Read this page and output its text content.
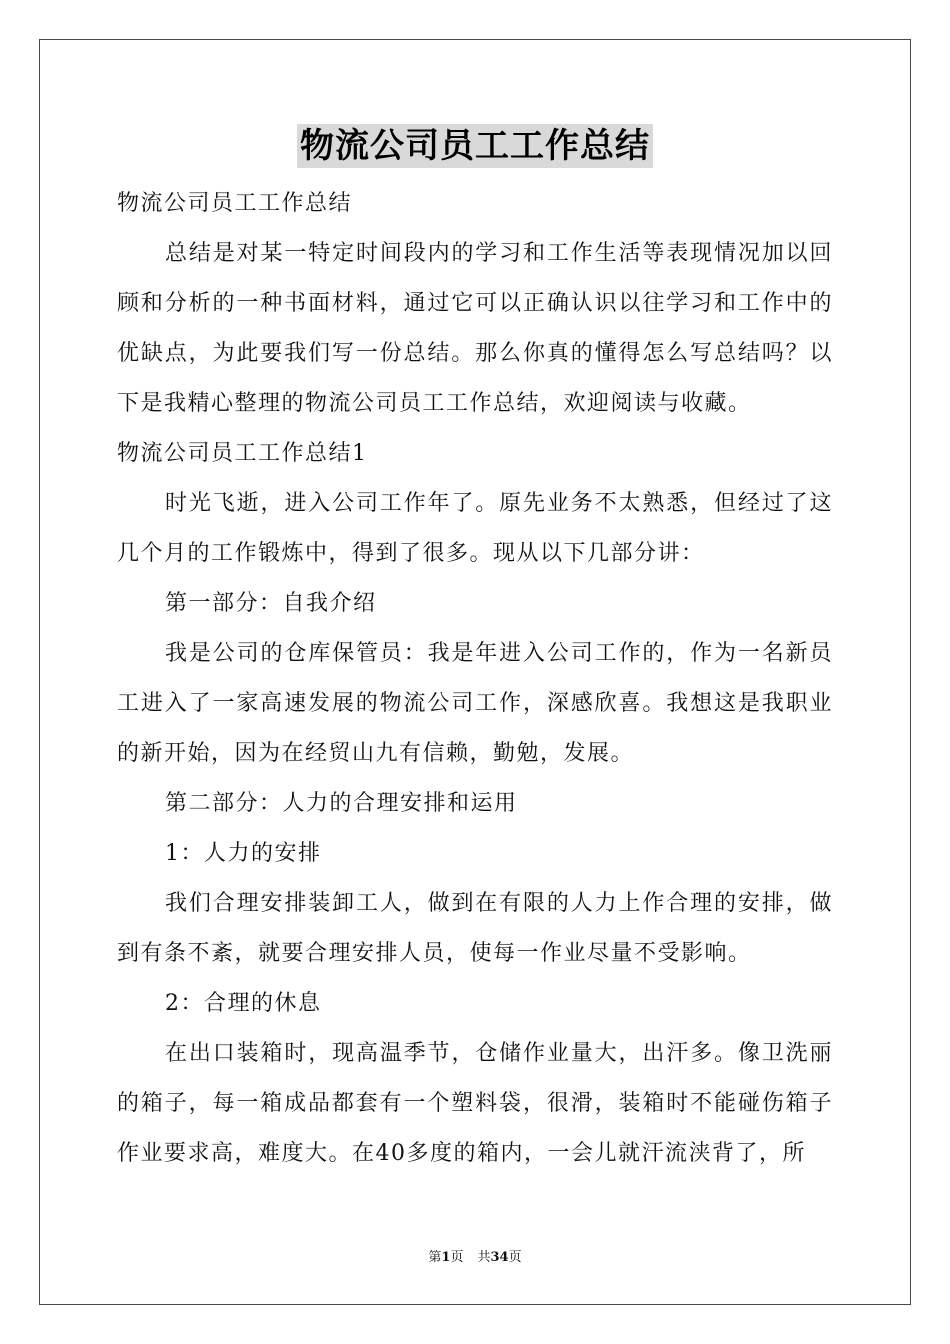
物流公司员工工作总结

物流公司员工工作总结

总结是对某一特定时间段内的学习和工作生活等表现情况加以回顾和分析的一种书面材料，通过它可以正确认识以往学习和工作中的优缺点，为此要我们写一份总结。那么你真的懂得怎么写总结吗？以下是我精心整理的物流公司员工工作总结，欢迎阅读与收藏。

物流公司员工工作总结1

时光飞逝，进入公司工作年了。原先业务不太熟悉，但经过了这几个月的工作锻炼中，得到了很多。现从以下几部分讲：

第一部分：自我介绍

我是公司的仓库保管员：我是年进入公司工作的，作为一名新员工进入了一家高速发展的物流公司工作，深感欣喜。我想这是我职业的新开始，因为在经贸山九有信赖，勤勉，发展。

第二部分：人力的合理安排和运用

1：人力的安排

我们合理安排装卸工人，做到在有限的人力上作合理的安排，做到有条不紊，就要合理安排人员，使每一作业尽量不受影响。

2：合理的休息

在出口装箱时，现高温季节，仓储作业量大，出汗多。像卫洗丽的箱子，每一箱成品都套有一个塑料袋，很滑，装箱时不能碰伤箱子作业要求高，难度大。在40多度的箱内，一会儿就汗流浃背了，所

第1页 共34页
